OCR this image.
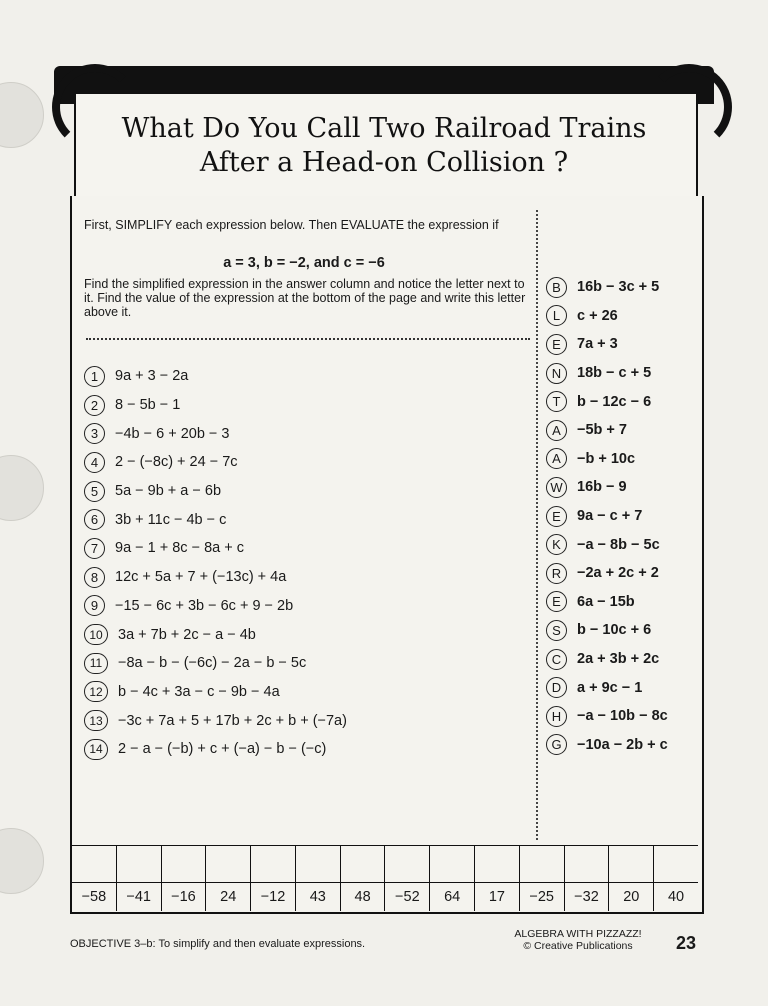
What Do You Call Two Railroad Trains
After a Head-on Collision ?
First, SIMPLIFY each expression below. Then EVALUATE the expression if
a = 3, b = −2, and c = −6
Find the simplified expression in the answer column and notice the letter next to it. Find the value of the expression at the bottom of the page and write this letter above it.
1	9a + 3 − 2a
2	8 − 5b − 1
3	−4b − 6 + 20b − 3
4	2 − (−8c) + 24 − 7c
5	5a − 9b + a − 6b
6	3b + 11c − 4b − c
7	9a − 1 + 8c − 8a + c
8	12c + 5a + 7 + (−13c) + 4a
9	−15 − 6c + 3b − 6c + 9 − 2b
10	3a + 7b + 2c − a − 4b
11	−8a − b − (−6c) − 2a − b − 5c
12	b − 4c + 3a − c − 9b − 4a
13	−3c + 7a + 5 + 17b + 2c + b + (−7a)
14	2 − a − (−b) + c + (−a) − b − (−c)
B	16b − 3c + 5
L	c + 26
E	7a + 3
N	18b − c + 5
T	b − 12c − 6
A	−5b + 7
A	−b + 10c
W 16b − 9
E	9a − c + 7
K	−a − 8b − 5c
R	−2a + 2c + 2
E	6a − 15b
S	b − 10c + 6
C	2a + 3b + 2c
D	a + 9c − 1
H	−a − 10b − 8c
G	−10a − 2b + c
−58	−41	−16	24	−12	43	48	−52	64	17	−25	−32	20	40
OBJECTIVE 3–b: To simplify and then evaluate expressions.
ALGEBRA WITH PIZZAZZ!
© Creative Publications	23
